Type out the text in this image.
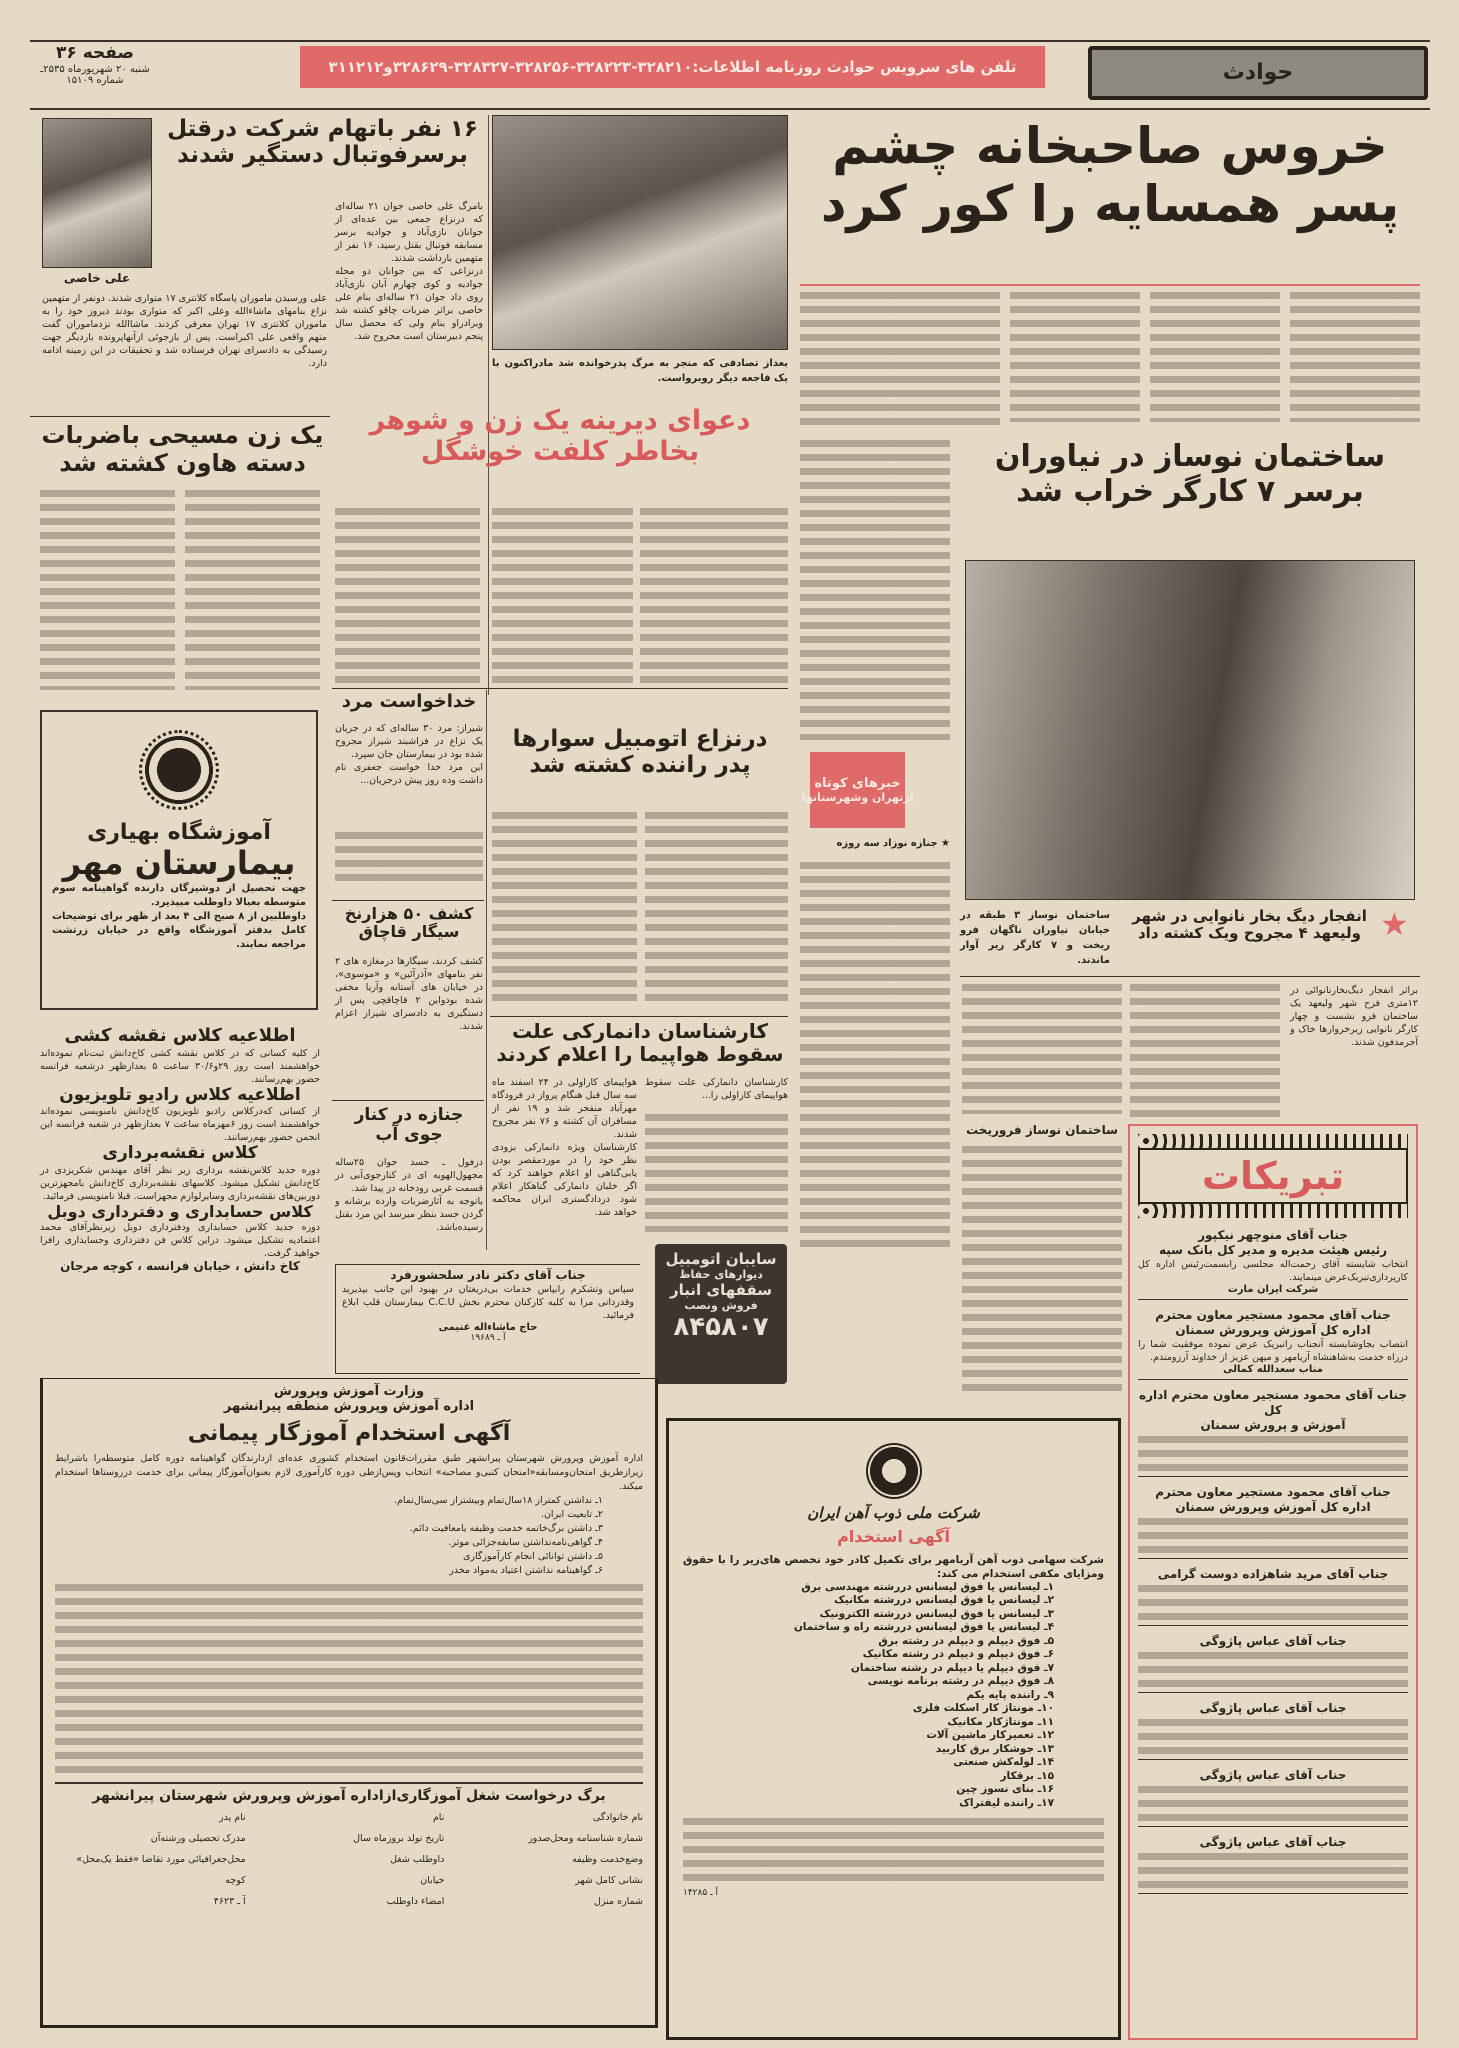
حوادث
تلفن های سرویس حوادث روزنامه اطلاعات:۳۲۸۲۱۰-۳۲۸۲۲۳-۳۲۸۲۵۶-۳۲۸۳۲۷-۳۲۸۶۲۹و۳۱۱۲۱۲
صفحه ۳۶
شنبه ۲۰ شهریورماه ۲۵۳۵ـ
شماره ۱۵۱۰۹
خروس صاحبخانه چشم
پسر همسایه را کور کرد
علی خاصی
۱۶ نفر باتهام شرکت درقتل
برسرفوتبال دستگیر شدند

بامرگ علی خاصی جوان ۲۱ ساله‌ای که درنزاع جمعی بین عده‌ای از جوانان نازی‌آباد و جوادیه برسر مسابقه فوتبال بقتل رسید، ۱۶ نفر از متهمین بازداشت شدند.

درنزاعی که بین جوانان دو محله جوادیه و کوی چهارم آبان نازی‌آباد روی داد جوان ۲۱ ساله‌ای بنام علی خاصی براثر ضربات چاقو کشته شد وبرادراو بنام ولی که محصل سال پنجم دبیرستان است مجروح شد.

علی ورسیدن ماموران پاسگاه کلانتری ۱۷ متواری شدند. دونفر از متهمین نزاع بنامهای ماشاءالله وعلی اکبر که متواری بودند دیروز خود را به ماموران کلانتری ۱۷ تهران معرفی کردند. ماشاالله نزدماموران گفت متهم واقعی علی اکبراست. پس از بازجوئی ازآنهاپرونده باردیگر جهت رسیدگی به دادسرای تهران فرستاده شد و تحقیقات در این زمینه ادامه دارد.	بعداز تصادفی که منجر به مرگ پدرخوانده شد مادراکنون با یک فاجعه دیگر روبرواست.
یک زن مسیحی باضربات
دسته هاون کشته شد
دعوای دیرینه یک زن و شوهر
بخاطر کلفت خوشگل
خبرهای کوتاه
ازتهران وشهرستانها
★ جنازه نوزاد سه روزه
ساختمان نوساز در نیاوران
برسر ۷ کارگر خراب شد
ساختمان نوساز ۳ طبقه در خیابان نیاوران ناگهان فرو ریخت و ۷ کارگر زیر آوار ماندند.
★
انفجار دیگ بخار نانوایی در شهر
ولیعهد ۴ مجروح ویک کشته داد
براثر انفجار دیگ‌بخارنانوائی در ۱۲متری فرح شهر ولیعهد یک ساختمان فرو نشست و چهار کارگر نانوایی زیرخروارها خاک و آجرمدفون شدند.
ساختمان نوساز فروریخت
خداخواست مرد

شیراز: مرد ۳۰ ساله‌ای که در جریان یک نزاع در فراشبند شیراز مجروح شده بود در بیمارستان جان سپرد.

این مرد خدا خواست جعفری نام داشت وده روز پیش درجریان...

درنزاع اتومبیل سوارها
پدر راننده کشته شد
کشف ۵۰ هزارنخ
سیگار قاچاق
کشف کردند، سیگارها درمغازه های ۲ نفر بنامهای «آذرآئین» و «موسوی»، در خیابان های آستانه وآریا مخفی شده بودواین ۲ قاچاقچی پس از دستگیری به دادسرای شیراز اعزام شدند.	کارشناسان دانمارکی علت
سقوط هواپیما را اعلام کردند
کارشناسان دانمارکی علت سقوط هواپیمای کاراولی را...

هواپیمای کاراولی در ۲۴ اسفند ماه سه سال قبل هنگام پرواز در فرودگاه مهرآباد منفجر شد و ۱۹ نفر از مسافران آن کشته و ۷۶ نفر مجروح شدند.

کارشناسان ویژه دانمارکی بزودی نظر خود را در موردمقصر بودن یابی‌گناهی او اعلام خواهند کرد که اگر خلبان دانمارکی گناهکار اعلام شود دردادگستری ایران محاکمه خواهد شد.

جنازه در کنار
جوی آب

دزفول ـ جسد جوان ۲۵ساله مجهول‌الهویه ای در کنارجوی‌آبی در قسمت غربی رودخانه دز پیدا شد.

باتوجه به آثارضربات وارده برشانه و گردن جسد بنظر میرسد این مرد بقتل رسیده‌باشد.

جناب آقای دکتر نادر سلحشورفرد
سپاس وتشکرم رابپاس خدمات بی‌دریغتان در بهبود این جانب بپذیرید وقدردانی مرا به کلیه کارکنان محترم بخش C.C.U بیمارستان قلب ابلاغ فرمائید.
حاج ماشاءاله غنیمی
آ ـ ۱۹۶۸۹
سایبان اتومبیل
دیوارهای حفاظ
سقفهای انبار
فروش ونصب
۸۴۵۸۰۷
آموزشگاه بهیاری
بیمارستان مهر
جهت تحصیل از دوشیزگان دارنده گواهینامه سوم متوسطه بعبالا داوطلب میپذیرد.
داوطلبین از ۸ صبح الی ۴ بعد از ظهر برای توضیحات کامل بدفتر آموزشگاه واقع در خیابان زرتشت مراجعه نمایند.
اطلاعیه کلاس نقشه کشی
از کلیه کسانی که در کلاس نقشه کشی کاخ‌دانش ثبت‌نام نموده‌اند خواهشمند است روز ۲۹و۳۰/۶ ساعت ۵ بعدازظهر درشعبه فرانسه حضور بهم‌رسانند.
اطلاعیه کلاس رادیو تلویزیون
از کسانی که‌درکلاس رادیو تلویزیون کاخ‌دانش نامنویسی نموده‌اند خواهشمند است روز ۶مهرماه ساعت ۷ بعدازظهر در شعبه فرانسه این انجمن حضور بهم‌رسانند.
کلاس نقشه‌برداری
دوره جدید کلاس‌نقشه برداری زیر نظر آقای مهندس شکریزدی در کاخ‌دانش تشکیل میشود. کلاسهای نقشه‌برداری کاخ‌دانش بامجهزترین دوربین‌های نقشه‌برداری وسایرلوازم مجهزاست. قبلا نامنویسی فرمائید.
کلاس حسابداری و دفترداری دوبل
دوره جدید کلاس حسابداری ودفترداری دوبل زیرنظرآقای محمد اعتمادیه تشکیل میشود. دراین کلاس فن دفترداری وحسابداری رافرا خواهید گرفت.
کاخ دانش ، خیابان فرانسه ، کوچه مرجان
تبریکات
جناب آقای منوچهر نیکپور
رئیس هیئت مدیره و مدیر کل بانک سپه
انتخاب شایسته آقای رحمت‌اله مجلسی رابسمت‌رئیس اداره کل کارپردازی‌تبریک‌عرض مینمایند.
شرکت ایران مارت
جناب آقای محمود مستجیر معاون محترم
اداره کل آموزش وپرورش سمنان
انتصاب بجاوشایسته آنجناب راتبریک عرض نموده موفقیت شما را درراه خدمت به‌شاهنشاه آریامهر و میهن عزیز از خداوند آرزومندم.
مناب سعدالله کمالی
جناب آقای محمود مستجیر معاون محترم اداره کل
آموزش و پرورش سمنان
جناب آقای محمود مستجیر معاون محترم
اداره کل آموزش وپرورش سمنان
جناب آقای مرید شاهزاده دوست گرامی
جناب آقای عباس پاژوگی
جناب آقای عباس پاژوگی
جناب آقای عباس پاژوگی
جناب آقای عباس پاژوگی
وزارت آموزش وپرورش
اداره آموزش وپرورش منطقه پیرانشهر
آگهی استخدام آموزگار پیمانی
اداره آموزش وپرورش شهرستان پیرانشهر طبق مقررات‌قانون استخدام کشوری عده‌ای ازدارندگان گواهینامه دوره کامل متوسطه‌را باشرایط زیرازطریق امتحان‌ومسابقه«امتحان کتبی‌و مصاحبه» انتخاب وپس‌ازطی دوره کارآموزی لازم بعنوان‌آموزگار پیمانی برای خدمت درروستاها استخدام میکند.
۱ـ نداشتن کمتراز ۱۸سال‌تمام وبیشتراز سی‌سال‌تمام.
۲ـ تابعیت ایران.
۳ـ داشتن برگ‌خاتمه خدمت وظیفه یامعافیت دائم.
۴ـ گواهی‌نامه‌نداشتن سابقه‌جزائی موثر.
۵ـ داشتن توانائی انجام کارآموزگاری
۶ـ گواهینامه نداشتن اعتیاد به‌مواد مخدر
برگ درخواست شغل آموزگاری‌ازاداره آموزش وپرورش شهرستان پیرانشهر
نام خانوادگی
نام
نام پدر
شماره شناسنامه ومحل‌صدور
تاریخ تولد بروزماه سال
مدرک تحصیلی ورشته‌آن
وضع‌خدمت وظیفه
داوطلب شغل
محل‌جغرافیائی مورد تقاضا «فقط یک‌محل»
نشانی کامل شهر
خیابان
کوچه
شماره منزل
امضاء داوطلب
آ ـ ۴۶۲۳
شرکت ملی ذوب آهن ایران
آگهی استخدام
شرکت سهامی ذوب آهن آریامهر برای تکمیل کادر خود تخصص های‌زیر را با حقوق ومزایای مکفی استخدام می کند:
۱ـ لیسانس یا فوق لیسانس دررشته مهندسی برق
۲ـ لیسانس یا فوق لیسانس دررشته مکانیک
۳ـ لیسانس یا فوق لیسانس دررشته الکترونیک
۴ـ لیسانس یا فوق لیسانس دررشته راه و ساختمان
۵ـ فوق دیپلم و دیپلم در رشته برق
۶ـ فوق دیپلم و دیپلم در رشته مکانیک
۷ـ فوق دیپلم یا دیپلم در رشته ساختمان
۸ـ فوق دیپلم در رشته برنامه نویسی
۹ـ راننده پایه یکم
۱۰ـ مونتاژ کار اسکلت فلزی
۱۱ـ مونتاژکار مکانیک
۱۲ـ تعمیرکار ماشین آلات
۱۳ـ جوشکار برق کاربید
۱۴ـ لوله‌کش صنعتی
۱۵ـ برقکار
۱۶ـ بنای نسوز چین
۱۷ـ راننده لیفتراک
آ ـ ۱۴۲۸۵
